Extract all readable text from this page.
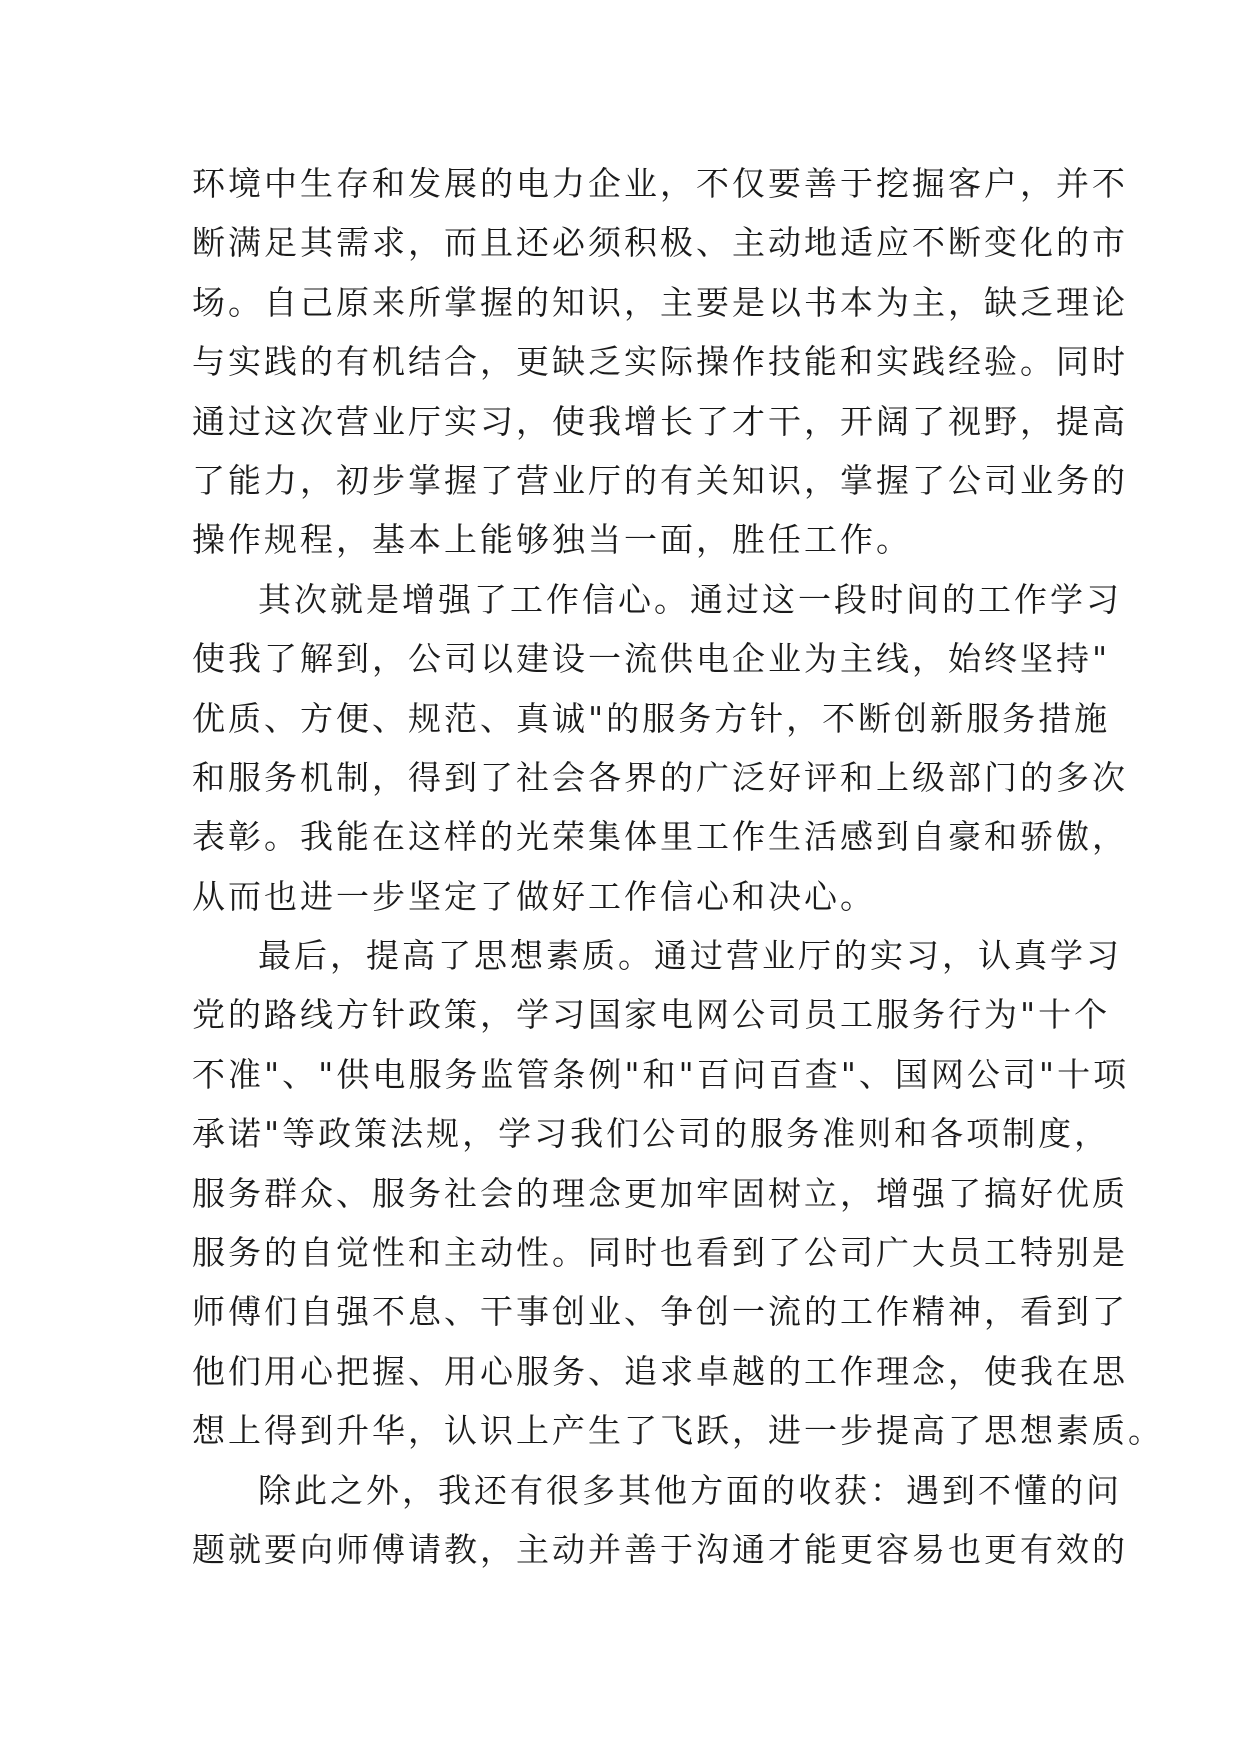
环境中生存和发展的电力企业，不仅要善于挖掘客户，并不
断满足其需求，而且还必须积极、主动地适应不断变化的市
场。自己原来所掌握的知识，主要是以书本为主，缺乏理论
与实践的有机结合，更缺乏实际操作技能和实践经验。同时
通过这次营业厅实习，使我增长了才干，开阔了视野，提高
了能力，初步掌握了营业厅的有关知识，掌握了公司业务的
操作规程，基本上能够独当一面，胜任工作。
其次就是增强了工作信心。通过这一段时间的工作学习
使我了解到，公司以建设一流供电企业为主线，始终坚持"
优质、方便、规范、真诚"的服务方针，不断创新服务措施
和服务机制，得到了社会各界的广泛好评和上级部门的多次
表彰。我能在这样的光荣集体里工作生活感到自豪和骄傲，
从而也进一步坚定了做好工作信心和决心。
最后，提高了思想素质。通过营业厅的实习，认真学习
党的路线方针政策，学习国家电网公司员工服务行为"十个
不准"、"供电服务监管条例"和"百问百查"、国网公司"十项
承诺"等政策法规，学习我们公司的服务准则和各项制度，
服务群众、服务社会的理念更加牢固树立，增强了搞好优质
服务的自觉性和主动性。同时也看到了公司广大员工特别是
师傅们自强不息、干事创业、争创一流的工作精神，看到了
他们用心把握、用心服务、追求卓越的工作理念，使我在思
想上得到升华，认识上产生了飞跃，进一步提高了思想素质。
除此之外，我还有很多其他方面的收获：遇到不懂的问
题就要向师傅请教，主动并善于沟通才能更容易也更有效的
